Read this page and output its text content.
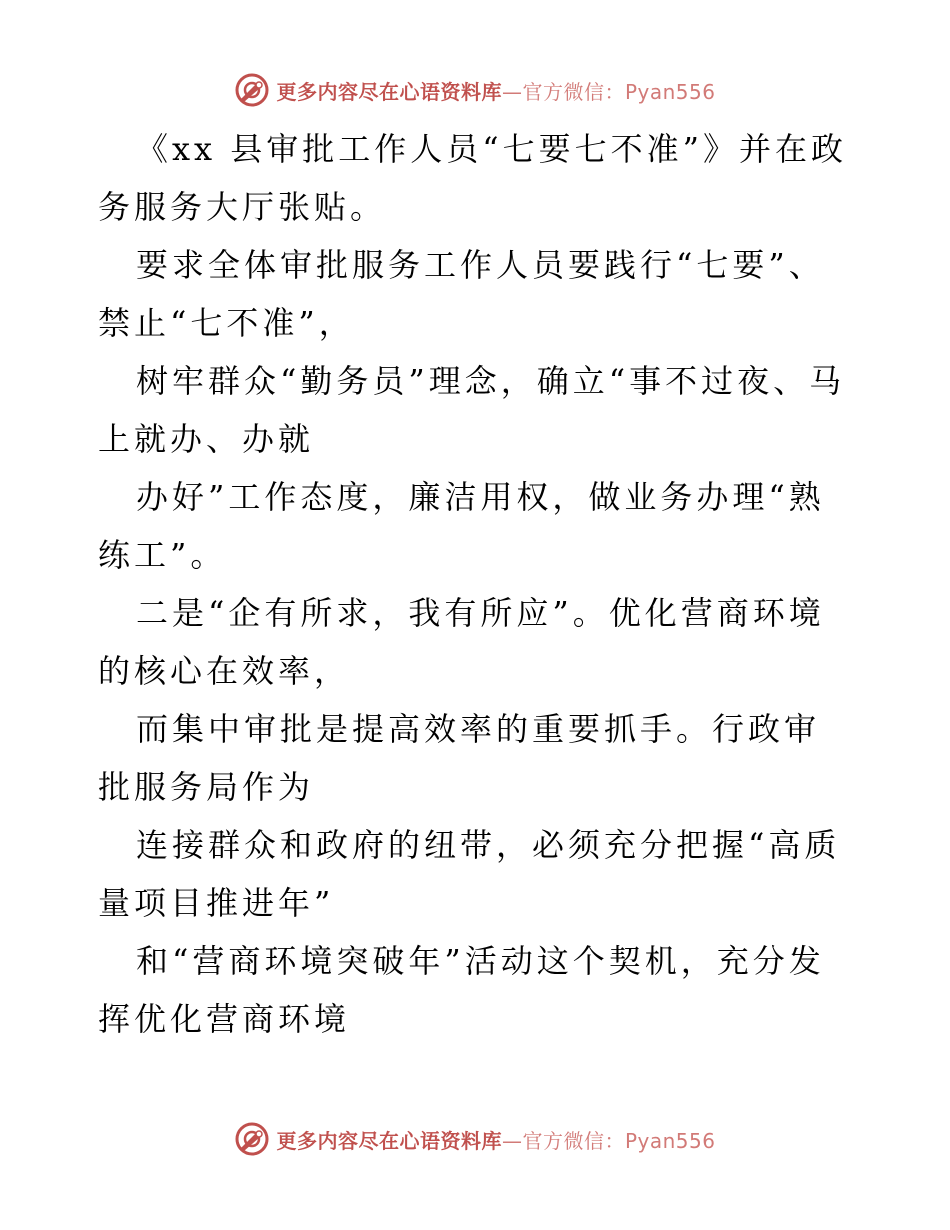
更多内容尽在心语资料库—官方微信：Pyan556

《xx 县审批工作人员“七要七不准”》并在政务服务大厅张贴。

要求全体审批服务工作人员要践行“七要”、禁止“七不准”，

树牢群众“勤务员”理念，确立“事不过夜、马上就办、办就

办好”工作态度，廉洁用权，做业务办理“熟练工”。

二是“企有所求，我有所应”。优化营商环境的核心在效率，

而集中审批是提高效率的重要抓手。行政审批服务局作为

连接群众和政府的纽带，必须充分把握“高质量项目推进年”

和“营商环境突破年”活动这个契机，充分发挥优化营商环境

更多内容尽在心语资料库—官方微信：Pyan556
